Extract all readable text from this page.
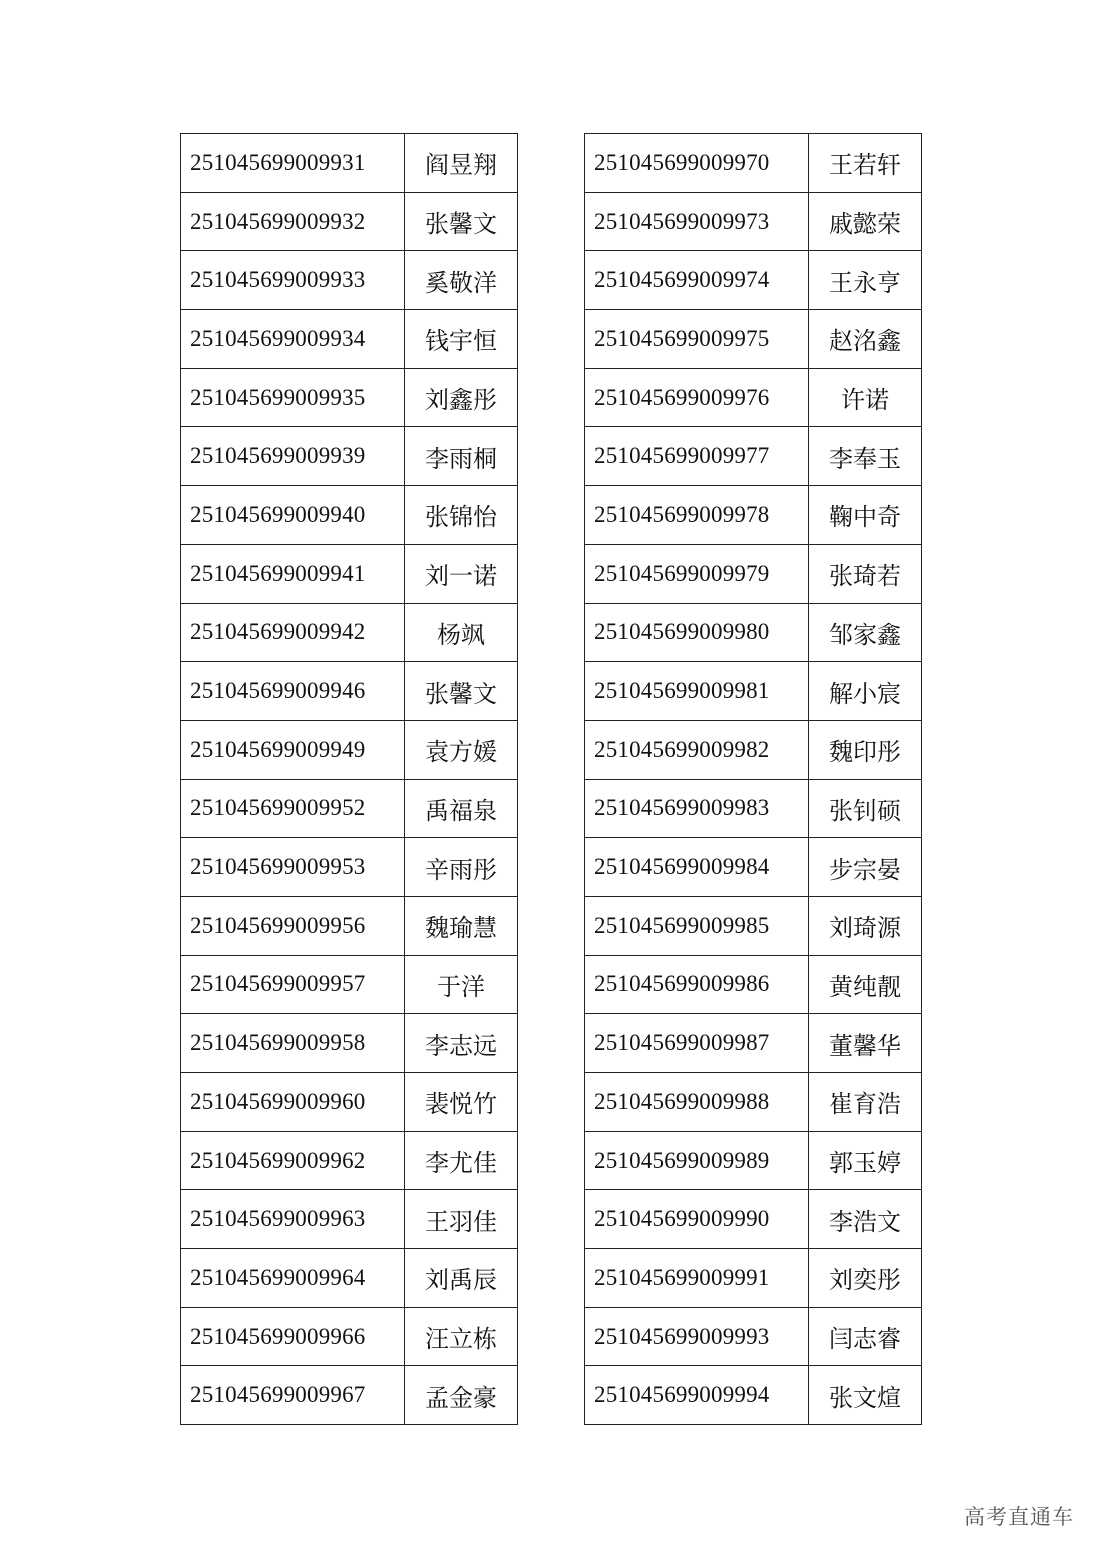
251045699009931	阎昱翔
251045699009932	张馨文
251045699009933	奚敬洋
251045699009934	钱宇恒
251045699009935	刘鑫彤
251045699009939	李雨桐
251045699009940	张锦怡
251045699009941	刘一诺
251045699009942	杨飒
251045699009946	张馨文
251045699009949	袁方媛
251045699009952	禹福泉
251045699009953	辛雨彤
251045699009956	魏瑜慧
251045699009957	于洋
251045699009958	李志远
251045699009960	裴悦竹
251045699009962	李尤佳
251045699009963	王羽佳
251045699009964	刘禹辰
251045699009966	汪立栋
251045699009967	孟金豪
251045699009970	王若轩
251045699009973	戚懿荣
251045699009974	王永亨
251045699009975	赵洺鑫
251045699009976	许诺
251045699009977	李奉玉
251045699009978	鞠中奇
251045699009979	张琦若
251045699009980	邹家鑫
251045699009981	解小宸
251045699009982	魏印彤
251045699009983	张钊硕
251045699009984	步宗晏
251045699009985	刘琦源
251045699009986	黄纯靓
251045699009987	董馨华
251045699009988	崔育浩
251045699009989	郭玉婷
251045699009990	李浩文
251045699009991	刘奕彤
251045699009993	闫志睿
251045699009994	张文煊
高考直通车
